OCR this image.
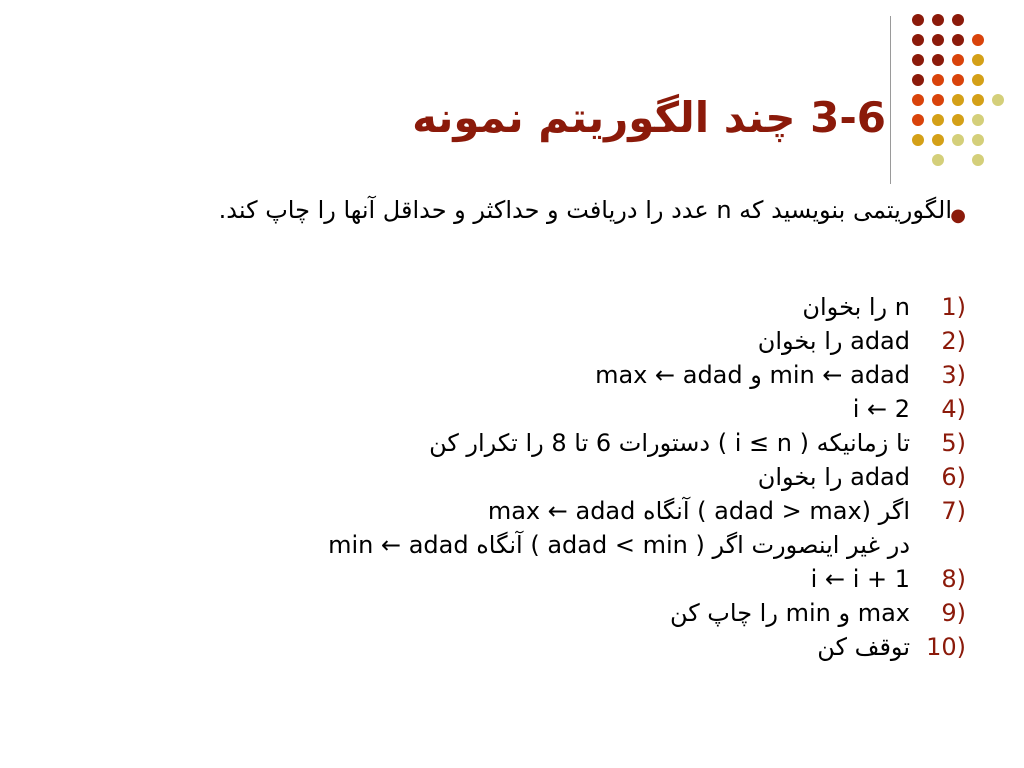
3-6 چند الگوریتم نمونه
●

الگوریتمی بنویسید که n عدد را دریافت و حداکثر و حداقل آنها را چاپ کند.

1)
n را بخوان
2)
adad را بخوان
3)
min ← adad و max ← adad
4)
i ← 2
5)
تا زمانیکه ( i ≤ n ) دستورات 6 تا 8 را تکرار کن
6)
adad را بخوان
7)
اگر (adad > max ) آنگاه max ← adad
در غیر اینصورت اگر ( adad < min ) آنگاه min ← adad
8)
i ← i + 1
9)
max و min را چاپ کن
10)
توقف کن
